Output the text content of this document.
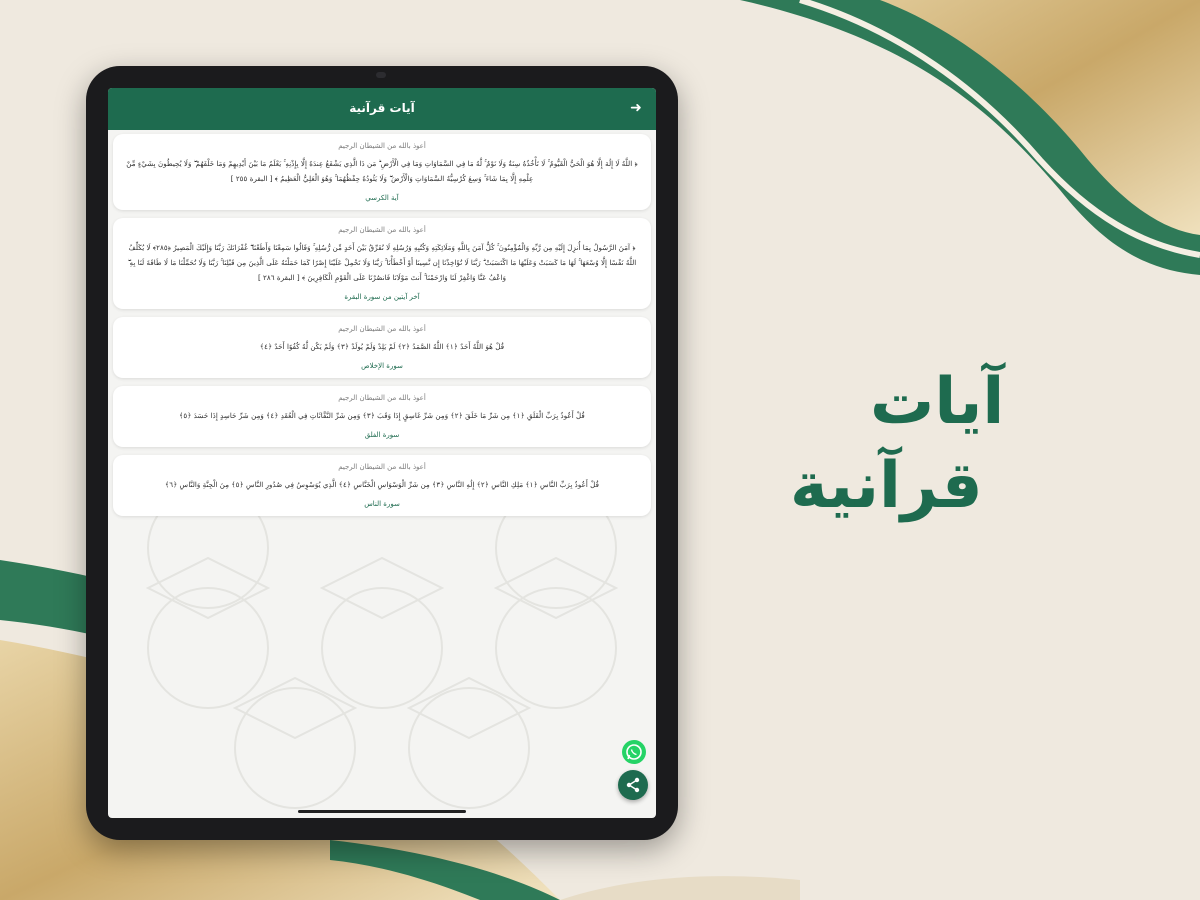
آيات قرآنية	➜
أعوذ بالله من الشيطان الرجيم
﴿ اللَّهُ لَا إِلَٰهَ إِلَّا هُوَ الْحَيُّ الْقَيُّومُ ۚ لَا تَأْخُذُهُ سِنَةٌ وَلَا نَوْمٌ ۚ لَّهُ مَا فِي السَّمَاوَاتِ وَمَا فِي الْأَرْضِ ۗ مَن ذَا الَّذِي يَشْفَعُ عِندَهُ إِلَّا بِإِذْنِهِ ۚ يَعْلَمُ مَا بَيْنَ أَيْدِيهِمْ وَمَا خَلْفَهُمْ ۖ وَلَا يُحِيطُونَ بِشَيْءٍ مِّنْ عِلْمِهِ إِلَّا بِمَا شَاءَ ۚ وَسِعَ كُرْسِيُّهُ السَّمَاوَاتِ وَالْأَرْضَ ۖ وَلَا يَئُودُهُ حِفْظُهُمَا ۚ وَهُوَ الْعَلِيُّ الْعَظِيمُ ﴾ [ البقرة ٢٥٥ ]
آية الكرسي
أعوذ بالله من الشيطان الرجيم
﴿ آمَنَ الرَّسُولُ بِمَا أُنزِلَ إِلَيْهِ مِن رَّبِّهِ وَالْمُؤْمِنُونَ ۚ كُلٌّ آمَنَ بِاللَّهِ وَمَلَائِكَتِهِ وَكُتُبِهِ وَرُسُلِهِ لَا نُفَرِّقُ بَيْنَ أَحَدٍ مِّن رُّسُلِهِ ۚ وَقَالُوا سَمِعْنَا وَأَطَعْنَا ۖ غُفْرَانَكَ رَبَّنَا وَإِلَيْكَ الْمَصِيرُ ﴿٢٨٥﴾ لَا يُكَلِّفُ اللَّهُ نَفْسًا إِلَّا وُسْعَهَا ۚ لَهَا مَا كَسَبَتْ وَعَلَيْهَا مَا اكْتَسَبَتْ ۗ رَبَّنَا لَا تُؤَاخِذْنَا إِن نَّسِينَا أَوْ أَخْطَأْنَا ۚ رَبَّنَا وَلَا تَحْمِلْ عَلَيْنَا إِصْرًا كَمَا حَمَلْتَهُ عَلَى الَّذِينَ مِن قَبْلِنَا ۚ رَبَّنَا وَلَا تُحَمِّلْنَا مَا لَا طَاقَةَ لَنَا بِهِ ۖ وَاعْفُ عَنَّا وَاغْفِرْ لَنَا وَارْحَمْنَا ۚ أَنتَ مَوْلَانَا فَانصُرْنَا عَلَى الْقَوْمِ الْكَافِرِينَ ﴾ [ البقرة ٢٨٦ ]
آخر آيتين من سورة البقرة
أعوذ بالله من الشيطان الرجيم
قُلْ هُوَ اللَّهُ أَحَدٌ ﴿١﴾ اللَّهُ الصَّمَدُ ﴿٢﴾ لَمْ يَلِدْ وَلَمْ يُولَدْ ﴿٣﴾ وَلَمْ يَكُن لَّهُ كُفُوًا أَحَدٌ ﴿٤﴾
سورة الإخلاص
أعوذ بالله من الشيطان الرجيم
قُلْ أَعُوذُ بِرَبِّ الْفَلَقِ ﴿١﴾ مِن شَرِّ مَا خَلَقَ ﴿٢﴾ وَمِن شَرِّ غَاسِقٍ إِذَا وَقَبَ ﴿٣﴾ وَمِن شَرِّ النَّفَّاثَاتِ فِي الْعُقَدِ ﴿٤﴾ وَمِن شَرِّ حَاسِدٍ إِذَا حَسَدَ ﴿٥﴾
سورة الفلق
أعوذ بالله من الشيطان الرجيم
قُلْ أَعُوذُ بِرَبِّ النَّاسِ ﴿١﴾ مَلِكِ النَّاسِ ﴿٢﴾ إِلَٰهِ النَّاسِ ﴿٣﴾ مِن شَرِّ الْوَسْوَاسِ الْخَنَّاسِ ﴿٤﴾ الَّذِي يُوَسْوِسُ فِي صُدُورِ النَّاسِ ﴿٥﴾ مِنَ الْجِنَّةِ وَالنَّاسِ ﴿٦﴾
سورة الناس
آيات
قرآنية
